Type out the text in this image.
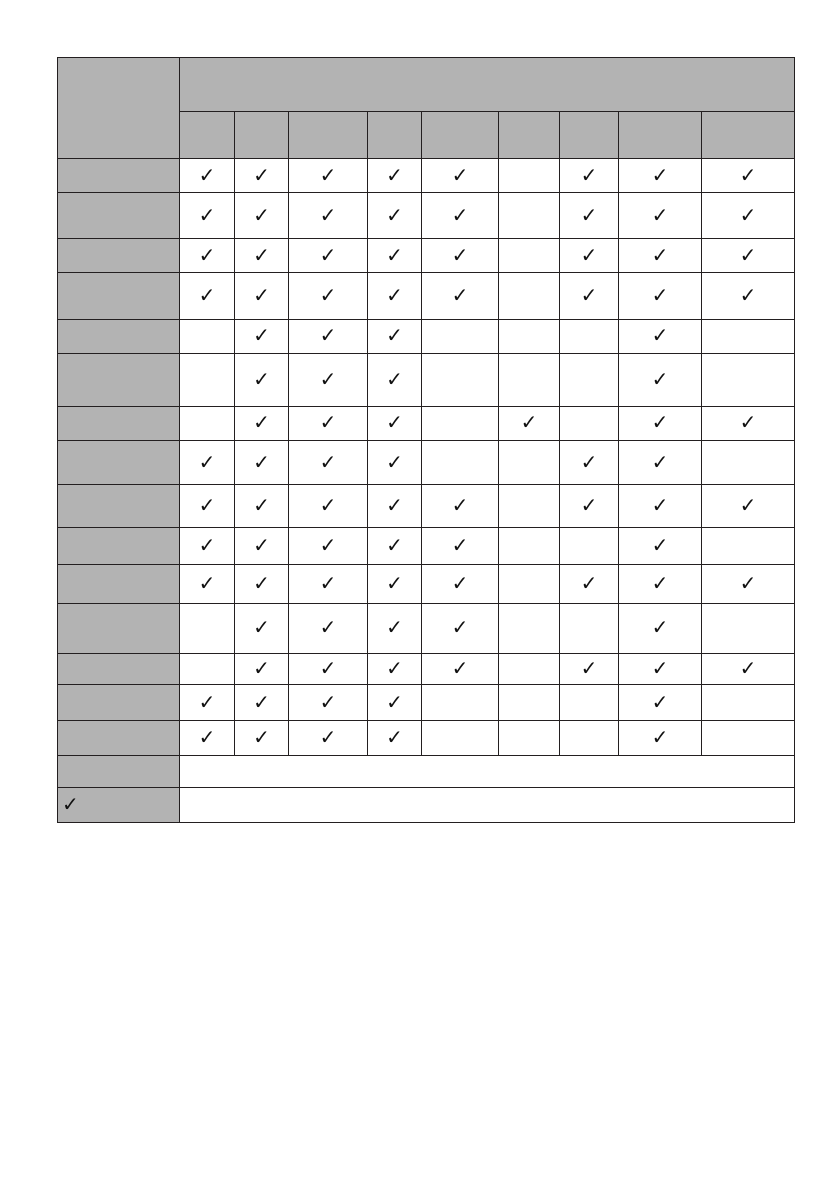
	✓	✓	✓	✓	✓		✓	✓	✓
	✓	✓	✓	✓	✓		✓	✓	✓
	✓	✓	✓	✓	✓		✓	✓	✓
	✓	✓	✓	✓	✓		✓	✓	✓
		✓	✓	✓				✓	
		✓	✓	✓				✓	
		✓	✓	✓		✓		✓	✓
	✓	✓	✓	✓			✓	✓	
	✓	✓	✓	✓	✓		✓	✓	✓
	✓	✓	✓	✓	✓			✓	
	✓	✓	✓	✓	✓		✓	✓	✓
		✓	✓	✓	✓			✓	
		✓	✓	✓	✓		✓	✓	✓
	✓	✓	✓	✓				✓	
	✓	✓	✓	✓				✓	

✓									
